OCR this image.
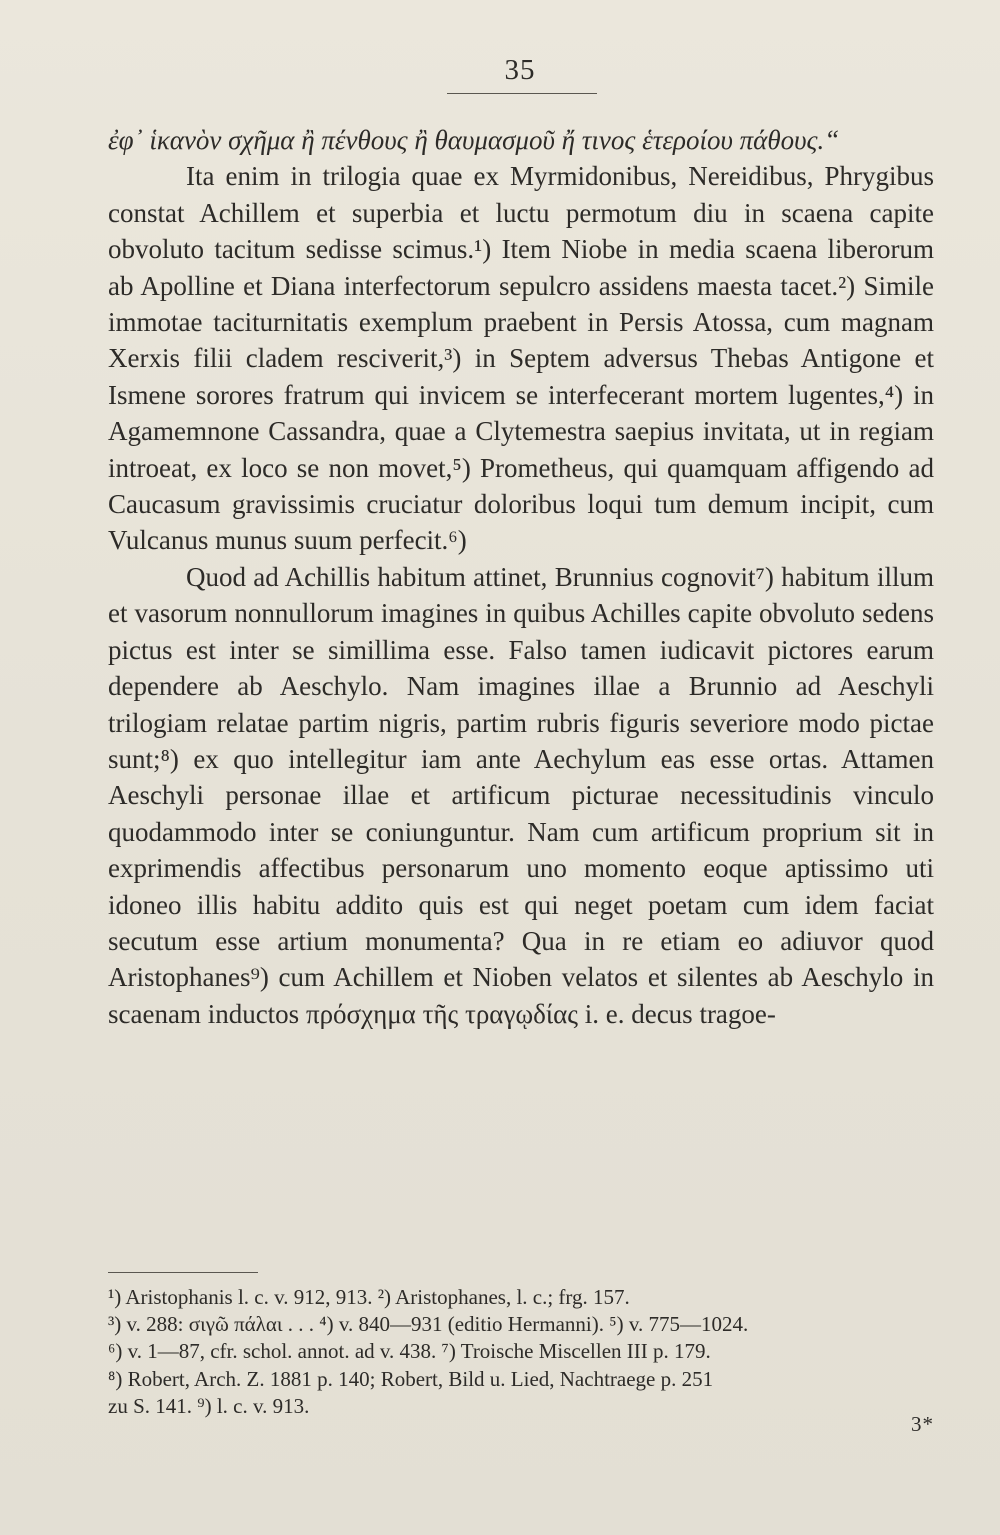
35

ἐφ᾽ ἱκανὸν σχῆμα ἢ πένθους ἢ θαυμασμοῦ ἤ τινος ἑτεροίου πάθους.“

Ita enim in trilogia quae ex Myrmidonibus, Nereidibus, Phrygibus constat Achillem et superbia et luctu permotum diu in scaena capite obvoluto tacitum sedisse scimus.¹) Item Niobe in media scaena liberorum ab Apolline et Diana interfectorum sepulcro assidens maesta tacet.²) Simile immotae taciturnitatis exemplum praebent in Persis Atossa, cum magnam Xerxis filii cladem resciverit,³) in Septem adversus Thebas Antigone et Ismene sorores fratrum qui invicem se interfecerant mortem lugentes,⁴) in Agamemnone Cassandra, quae a Clytemestra saepius invitata, ut in regiam introeat, ex loco se non movet,⁵) Prometheus, qui quamquam affigendo ad Caucasum gravissimis cruciatur doloribus loqui tum demum incipit, cum Vulcanus munus suum perfecit.⁶)

Quod ad Achillis habitum attinet, Brunnius cognovit⁷) habitum illum et vasorum nonnullorum imagines in quibus Achilles capite obvoluto sedens pictus est inter se simillima esse. Falso tamen iudicavit pictores earum dependere ab Aeschylo. Nam imagines illae a Brunnio ad Aeschyli trilogiam relatae partim nigris, partim rubris figuris severiore modo pictae sunt;⁸) ex quo intellegitur iam ante Aechylum eas esse ortas. Attamen Aeschyli personae illae et artificum picturae necessitudinis vinculo quodammodo inter se coniunguntur. Nam cum artificum proprium sit in exprimendis affectibus personarum uno momento eoque aptissimo uti idoneo illis habitu addito quis est qui neget poetam cum idem faciat secutum esse artium monumenta? Qua in re etiam eo adiuvor quod Aristophanes⁹) cum Achillem et Nioben velatos et silentes ab Aeschylo in scaenam inductos πρόσχημα τῆς τραγῳδίας i. e. decus tragoe-

¹) Aristophanis l. c. v. 912, 913. ²) Aristophanes, l. c.; frg. 157.

³) v. 288: σιγῶ πάλαι . . . ⁴) v. 840—931 (editio Hermanni). ⁵) v. 775—1024.

⁶) v. 1—87, cfr. schol. annot. ad v. 438. ⁷) Troische Miscellen III p. 179.

⁸) Robert, Arch. Z. 1881 p. 140; Robert, Bild u. Lied, Nachtraege p. 251

zu S. 141. ⁹) l. c. v. 913.

3*
